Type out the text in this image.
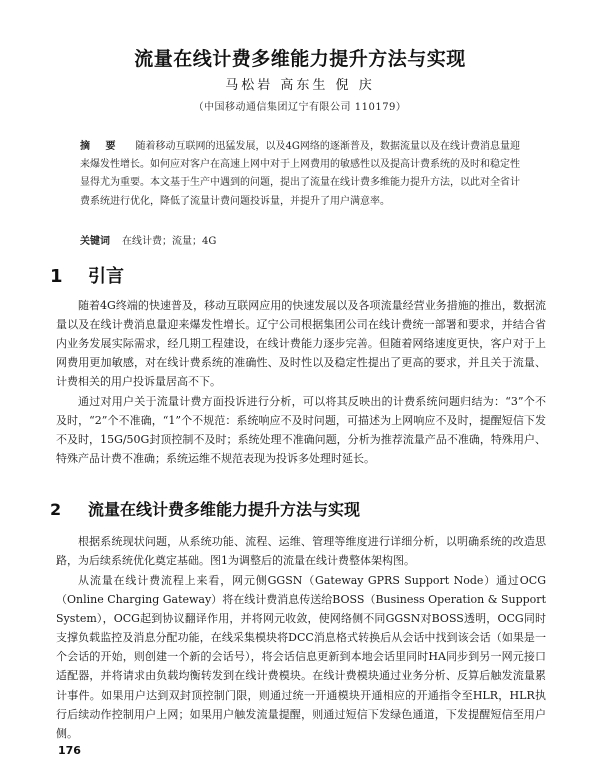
流量在线计费多维能力提升方法与实现
马松岩 高东生 倪 庆
（中国移动通信集团辽宁有限公司 110179）
摘 要 随着移动互联网的迅猛发展，以及4G网络的逐渐普及，数据流量以及在线计费消息量迎来爆发性增长。如何应对客户在高速上网中对于上网费用的敏感性以及提高计费系统的及时和稳定性显得尤为重要。本文基于生产中遇到的问题，提出了流量在线计费多维能力提升方法，以此对全省计费系统进行优化，降低了流量计费问题投诉量，并提升了用户满意率。
关键词 在线计费；流量；4G
1 引言
随着4G终端的快速普及，移动互联网应用的快速发展以及各项流量经营业务措施的推出，数据流量以及在线计费消息量迎来爆发性增长。辽宁公司根据集团公司在线计费统一部署和要求，并结合省内业务发展实际需求，经几期工程建设，在线计费能力逐步完善。但随着网络速度更快，客户对于上网费用更加敏感，对在线计费系统的准确性、及时性以及稳定性提出了更高的要求，并且关于流量、计费相关的用户投诉量居高不下。
通过对用户关于流量计费方面投诉进行分析，可以将其反映出的计费系统问题归结为：“3”个不及时，“2”个不准确，“1”个不规范：系统响应不及时问题，可描述为上网响应不及时，提醒短信下发不及时，15G/50G封顶控制不及时；系统处理不准确问题，分析为推荐流量产品不准确，特殊用户、特殊产品计费不准确；系统运维不规范表现为投诉多处理时延长。
2 流量在线计费多维能力提升方法与实现
根据系统现状问题，从系统功能、流程、运维、管理等维度进行详细分析，以明确系统的改造思路，为后续系统优化奠定基础。图1为调整后的流量在线计费整体架构图。
从流量在线计费流程上来看，网元侧GGSN（Gateway GPRS Support Node）通过OCG（Online Charging Gateway）将在线计费消息传送给BOSS（Business Operation & Support System），OCG起到协议翻译作用，并将网元收敛，使网络侧不同GGSN对BOSS透明，OCG同时支撑负载监控及消息分配功能，在线采集模块将DCC消息格式转换后从会话中找到该会话（如果是一个会话的开始，则创建一个新的会话号），将会话信息更新到本地会话里同时HA同步到另一网元接口适配器，并将请求由负载均衡转发到在线计费模块。在线计费模块通过业务分析、反算后触发流量累计事件。如果用户达到双封顶控制门限，则通过统一开通模块开通相应的开通指令至HLR，HLR执行后续动作控制用户上网；如果用户触发流量提醒，则通过短信下发绿色通道，下发提醒短信至用户侧。
176
